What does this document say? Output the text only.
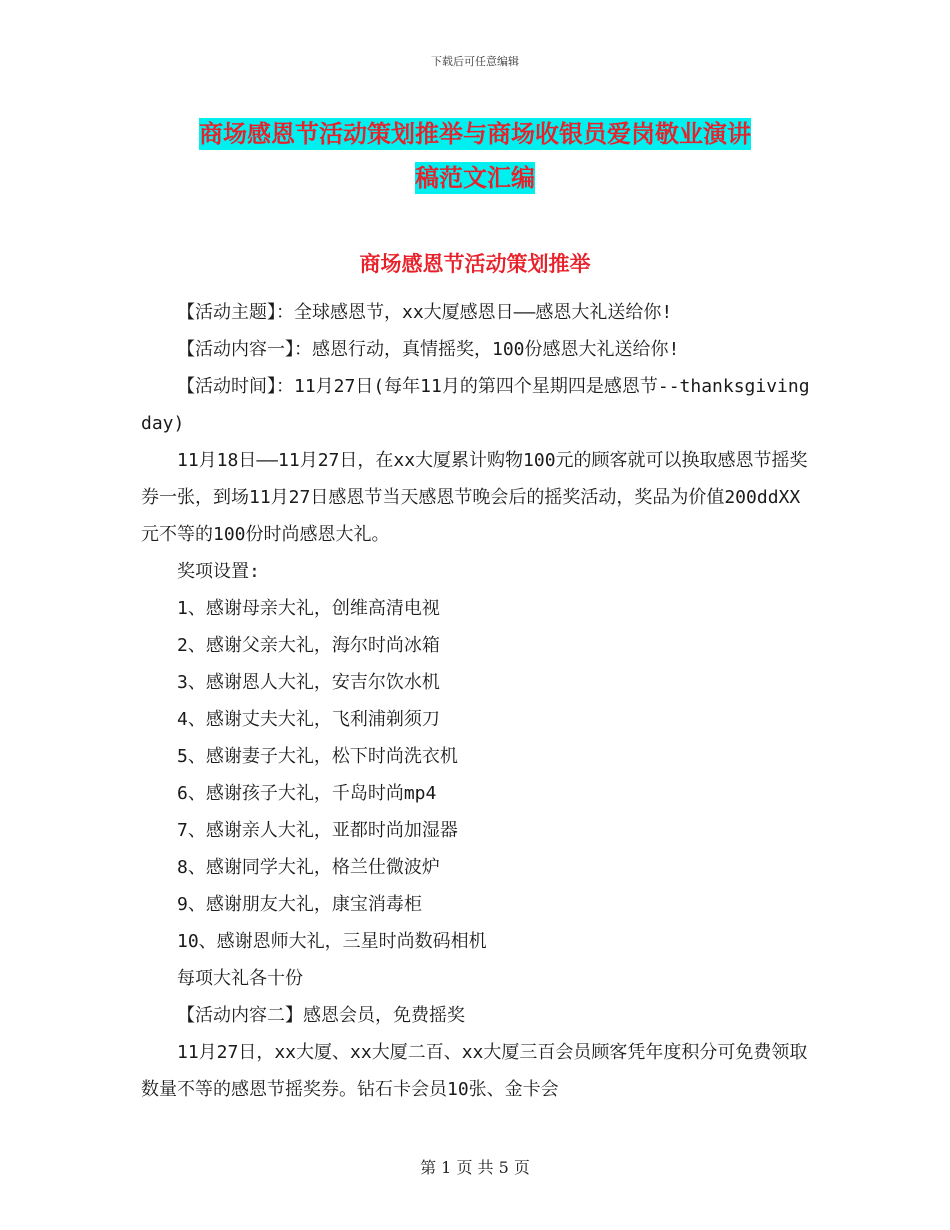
下载后可任意编辑
商场感恩节活动策划推举与商场收银员爱岗敬业演讲
稿范文汇编
商场感恩节活动策划推举

【活动主题】：全球感恩节，xx大厦感恩日——感恩大礼送给你!

【活动内容一】：感恩行动，真情摇奖，100份感恩大礼送给你!

【活动时间】：11月27日(每年11月的第四个星期四是感恩节--thanksgiving day)

11月18日——11月27日，在xx大厦累计购物100元的顾客就可以换取感恩节摇奖券一张，到场11月27日感恩节当天感恩节晚会后的摇奖活动，奖品为价值200ddXX元不等的100份时尚感恩大礼。

奖项设置:

1、感谢母亲大礼，创维高清电视

2、感谢父亲大礼，海尔时尚冰箱

3、感谢恩人大礼，安吉尔饮水机

4、感谢丈夫大礼，飞利浦剃须刀

5、感谢妻子大礼，松下时尚洗衣机

6、感谢孩子大礼，千岛时尚mp4

7、感谢亲人大礼，亚都时尚加湿器

8、感谢同学大礼，格兰仕微波炉

9、感谢朋友大礼，康宝消毒柜

10、感谢恩师大礼，三星时尚数码相机

每项大礼各十份

【活动内容二】感恩会员，免费摇奖

11月27日，xx大厦、xx大厦二百、xx大厦三百会员顾客凭年度积分可免费领取数量不等的感恩节摇奖券。钻石卡会员10张、金卡会

第 1 页 共 5 页
